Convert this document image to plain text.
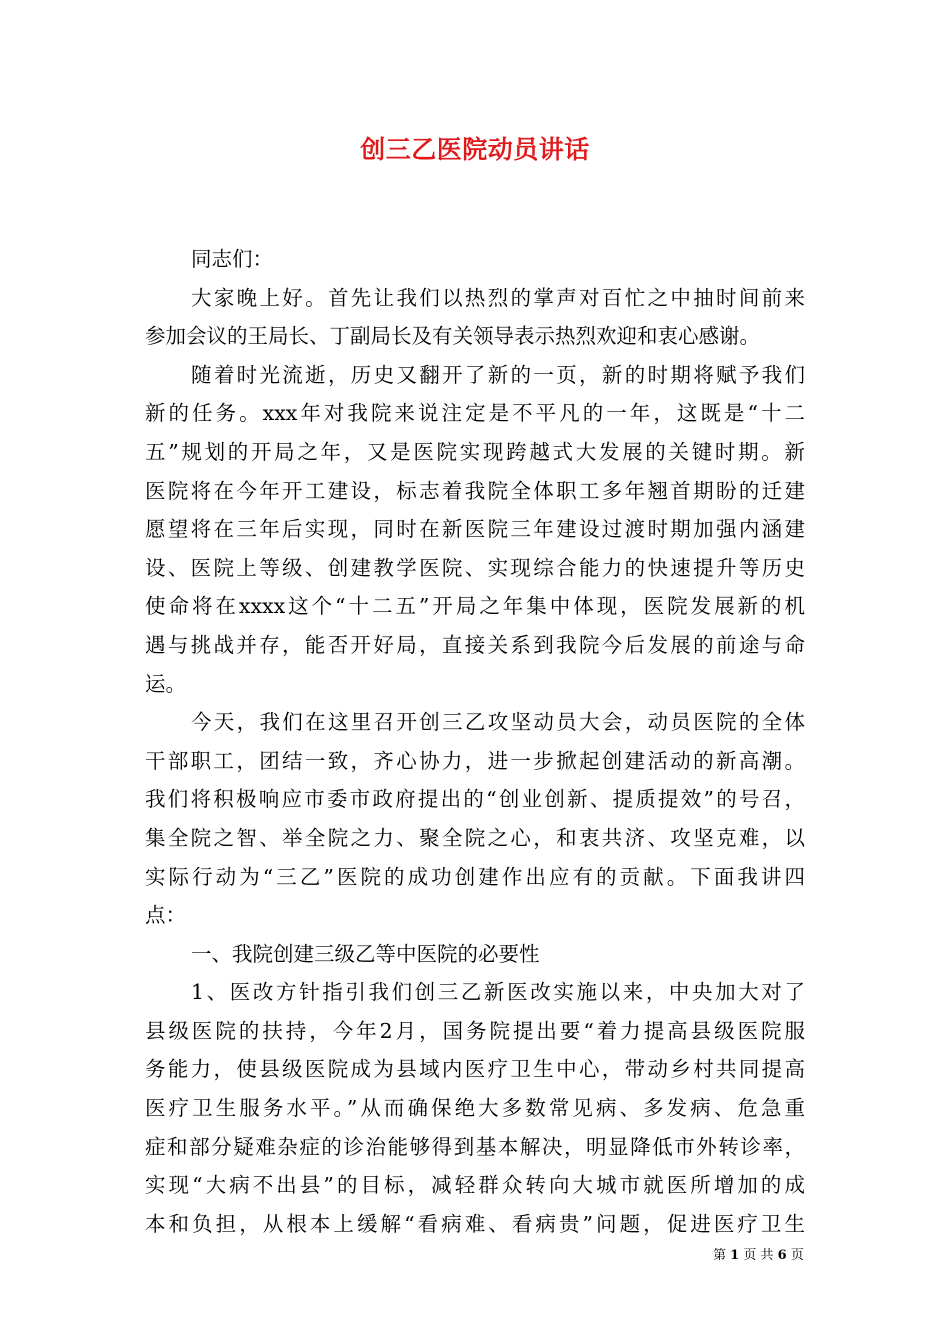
创三乙医院动员讲话
同志们：
大家晚上好。首先让我们以热烈的掌声对百忙之中抽时间前来
参加会议的王局长、丁副局长及有关领导表示热烈欢迎和衷心感谢。
随着时光流逝，历史又翻开了新的一页，新的时期将赋予我们
新的任务。xxx年对我院来说注定是不平凡的一年，这既是“十二
五”规划的开局之年，又是医院实现跨越式大发展的关键时期。新
医院将在今年开工建设，标志着我院全体职工多年翘首期盼的迁建
愿望将在三年后实现，同时在新医院三年建设过渡时期加强内涵建
设、医院上等级、创建教学医院、实现综合能力的快速提升等历史
使命将在xxxx这个“十二五”开局之年集中体现，医院发展新的机
遇与挑战并存，能否开好局，直接关系到我院今后发展的前途与命
运。
今天，我们在这里召开创三乙攻坚动员大会，动员医院的全体
干部职工，团结一致，齐心协力，进一步掀起创建活动的新高潮。
我们将积极响应市委市政府提出的“创业创新、提质提效”的号召，
集全院之智、举全院之力、聚全院之心，和衷共济、攻坚克难，以
实际行动为“三乙”医院的成功创建作出应有的贡献。下面我讲四
点：
一、我院创建三级乙等中医院的必要性
1、医改方针指引我们创三乙新医改实施以来，中央加大对了
县级医院的扶持，今年2月，国务院提出要“着力提高县级医院服
务能力，使县级医院成为县域内医疗卫生中心，带动乡村共同提高
医疗卫生服务水平。”从而确保绝大多数常见病、多发病、危急重
症和部分疑难杂症的诊治能够得到基本解决，明显降低市外转诊率，
实现“大病不出县”的目标，减轻群众转向大城市就医所增加的成
本和负担，从根本上缓解“看病难、看病贵”问题，促进医疗卫生
第 1 页 共 6 页
